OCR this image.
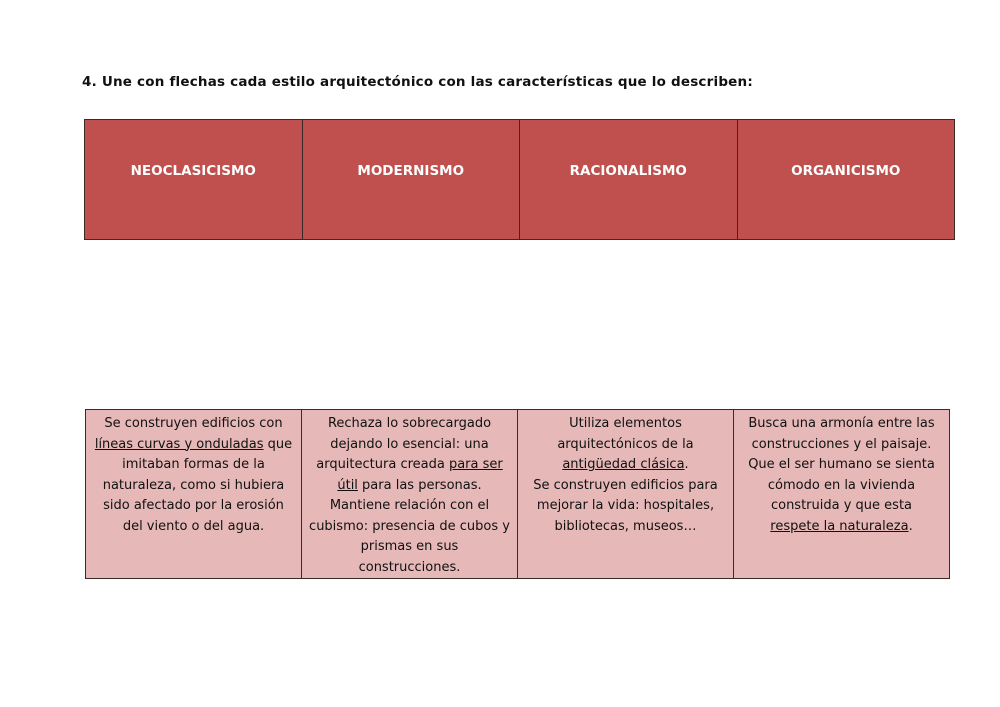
4. Une con flechas cada estilo arquitectónico con las características que lo describen:
NEOCLASICISMO	MODERNISMO	RACIONALISMO	ORGANICISMO
Se construyen edificios con
líneas curvas y onduladas que
imitaban formas de la
naturaleza, como si hubiera
sido afectado por la erosión
del viento o del agua.

Rechaza lo sobrecargado
dejando lo esencial: una
arquitectura creada para ser
útil para las personas.
Mantiene relación con el
cubismo: presencia de cubos y
prismas en sus construcciones.

Utiliza elementos
arquitectónicos de la
antigüedad clásica.
Se construyen edificios para
mejorar la vida: hospitales,
bibliotecas, museos…

Busca una armonía entre las
construcciones y el paisaje.
Que el ser humano se sienta
cómodo en la vivienda
construida y que esta
respete la naturaleza.
